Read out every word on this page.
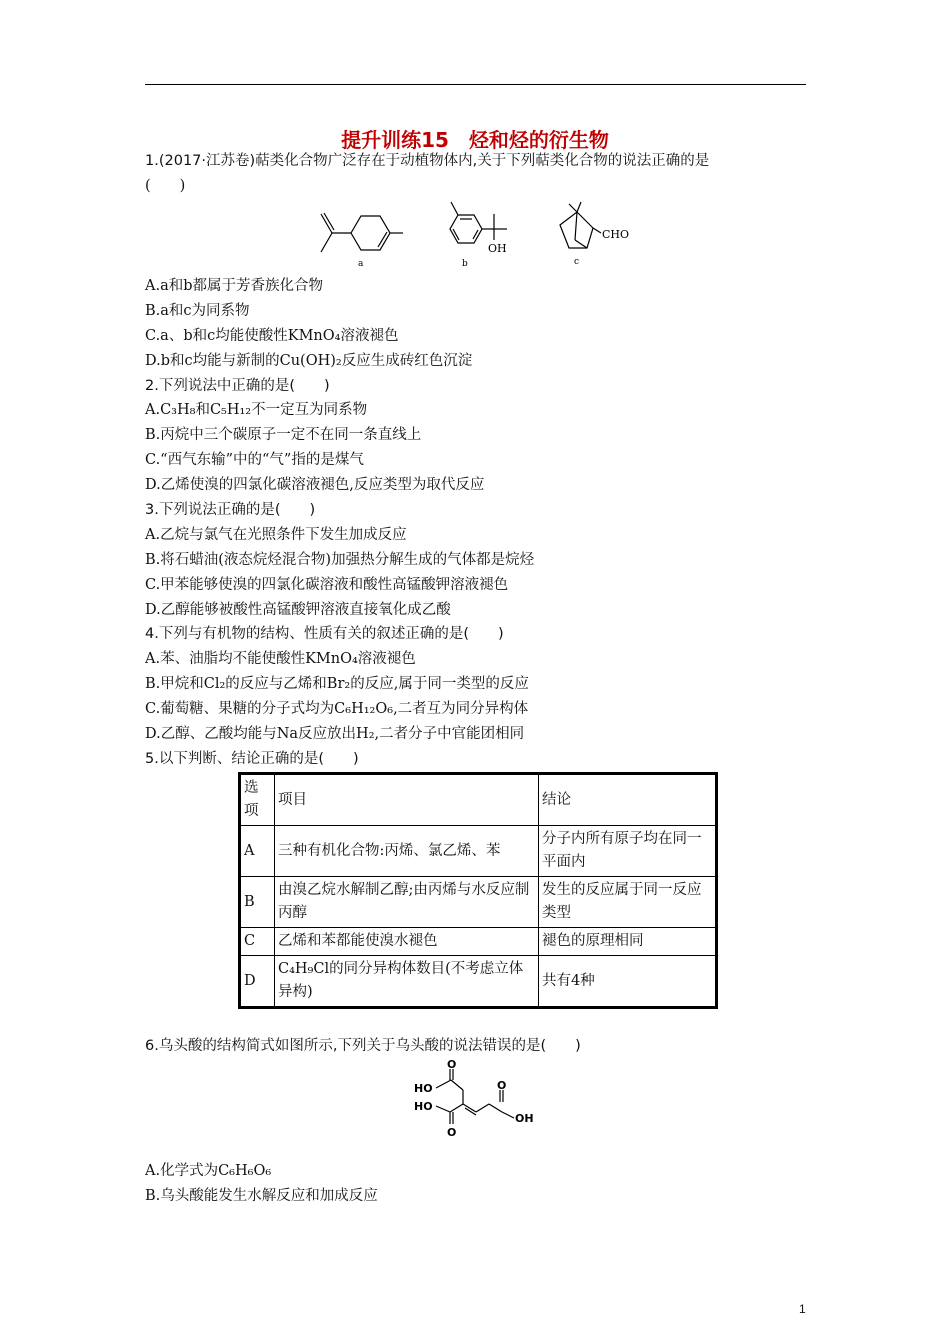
提升训练15　烃和烃的衍生物
1.(2017·江苏卷)萜类化合物广泛存在于动植物体内,关于下列萜类化合物的说法正确的是
(　　)
a
OH
b
CHO
c
A.a和b都属于芳香族化合物
B.a和c为同系物
C.a、b和c均能使酸性KMnO₄溶液褪色
D.b和c均能与新制的Cu(OH)₂反应生成砖红色沉淀
2.下列说法中正确的是(　　)
A.C₃H₈和C₅H₁₂不一定互为同系物
B.丙烷中三个碳原子一定不在同一条直线上
C.“西气东输”中的“气”指的是煤气
D.乙烯使溴的四氯化碳溶液褪色,反应类型为取代反应
3.下列说法正确的是(　　)
A.乙烷与氯气在光照条件下发生加成反应
B.将石蜡油(液态烷烃混合物)加强热分解生成的气体都是烷烃
C.甲苯能够使溴的四氯化碳溶液和酸性高锰酸钾溶液褪色
D.乙醇能够被酸性高锰酸钾溶液直接氧化成乙酸
4.下列与有机物的结构、性质有关的叙述正确的是(　　)
A.苯、油脂均不能使酸性KMnO₄溶液褪色
B.甲烷和Cl₂的反应与乙烯和Br₂的反应,属于同一类型的反应
C.葡萄糖、果糖的分子式均为C₆H₁₂O₆,二者互为同分异构体
D.乙醇、乙酸均能与Na反应放出H₂,二者分子中官能团相同
5.以下判断、结论正确的是(　　)
选项	项目	结论
A	三种有机化合物:丙烯、氯乙烯、苯	分子内所有原子均在同一平面内
B	由溴乙烷水解制乙醇;由丙烯与水反应制丙醇	发生的反应属于同一反应类型
C	乙烯和苯都能使溴水褪色	褪色的原理相同
D	C₄H₉Cl的同分异构体数目(不考虑立体异构)	共有4种
6.乌头酸的结构简式如图所示,下列关于乌头酸的说法错误的是(　　)
HO
HO
OH
O
O
O
A.化学式为C₆H₆O₆
B.乌头酸能发生水解反应和加成反应
1
